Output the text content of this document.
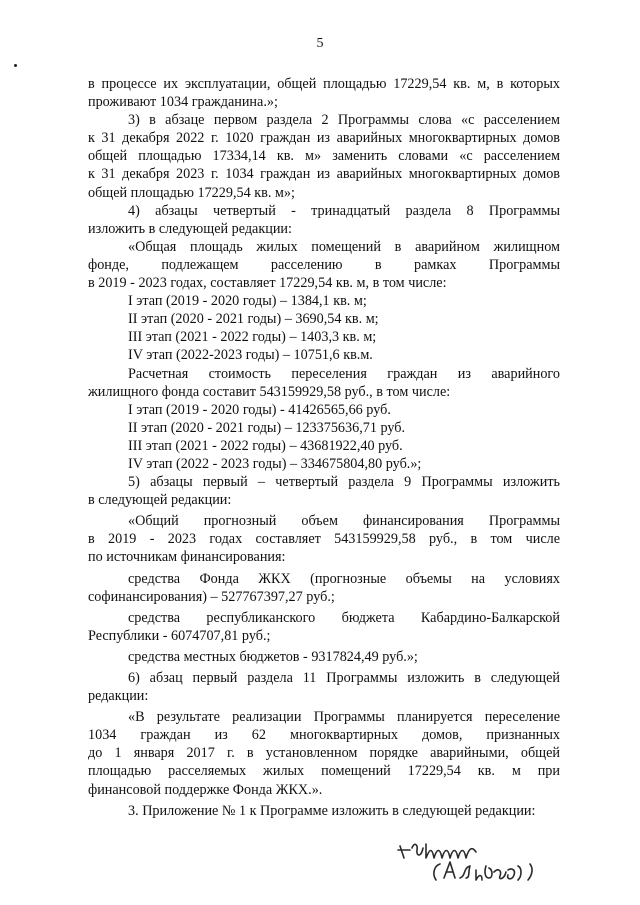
5

в процессе их эксплуатации, общей площадью 17229,54 кв. м, в которых

проживают 1034 гражданина.»;

3) в абзаце первом раздела 2 Программы слова «с расселением

к 31 декабря 2022 г. 1020 граждан из аварийных многоквартирных домов

общей площадью 17334,14 кв. м» заменить словами «с расселением

к 31 декабря 2023 г. 1034 граждан из аварийных многоквартирных домов

общей площадью 17229,54 кв. м»;

4) абзацы четвертый - тринадцатый раздела 8 Программы

изложить в следующей редакции:

«Общая площадь жилых помещений в аварийном жилищном

фонде, подлежащем расселению в рамках Программы

в 2019 - 2023 годах, составляет 17229,54 кв. м, в том числе:

I этап (2019 - 2020 годы) – 1384,1 кв. м;

II этап (2020 - 2021 годы) – 3690,54 кв. м;

III этап (2021 - 2022 годы) – 1403,3 кв. м;

IV этап (2022-2023 годы) – 10751,6 кв.м.

Расчетная стоимость переселения граждан из аварийного

жилищного фонда составит 543159929,58 руб., в том числе:

I этап (2019 - 2020 годы) - 41426565,66 руб.

II этап (2020 - 2021 годы) – 123375636,71 руб.

III этап (2021 - 2022 годы) – 43681922,40 руб.

IV этап (2022 - 2023 годы) – 334675804,80 руб.»;

5) абзацы первый – четвертый раздела 9 Программы изложить

в следующей редакции:

«Общий прогнозный объем финансирования Программы

в 2019 - 2023 годах составляет 543159929,58 руб., в том числе

по источникам финансирования:

средства Фонда ЖКХ (прогнозные объемы на условиях

софинансирования) – 527767397,27 руб.;

средства республиканского бюджета Кабардино-Балкарской

Республики - 6074707,81 руб.;

средства местных бюджетов - 9317824,49 руб.»;

6) абзац первый раздела 11 Программы изложить в следующей

редакции:

«В результате реализации Программы планируется переселение

1034 граждан из 62 многоквартирных домов, признанных

до 1 января 2017 г. в установленном порядке аварийными, общей

площадью расселяемых жилых помещений 17229,54 кв. м при

финансовой поддержке Фонда ЖКХ.».

3. Приложение № 1 к Программе изложить в следующей редакции:
